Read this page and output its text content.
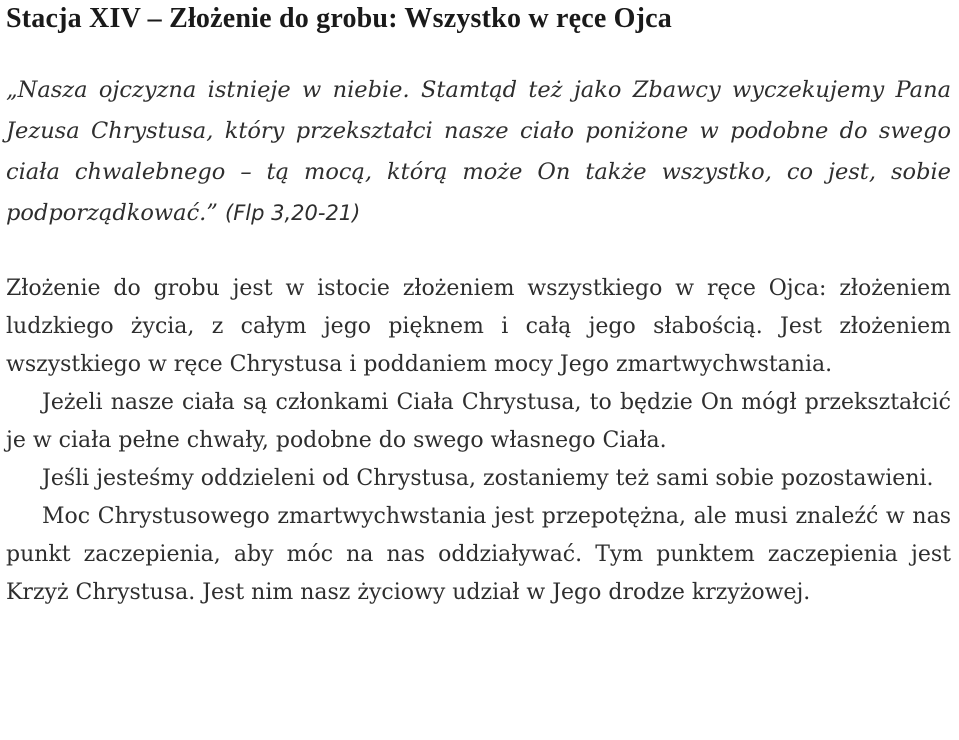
Stacja XIV – Złożenie do grobu: Wszystko w ręce Ojca

„Nasza ojczyzna istnieje w niebie. Stamtąd też jako Zbawcy wyczekujemy Pana Jezusa Chrystusa, który przekształci nasze ciało poniżone w podobne do swego ciała chwalebnego – tą mocą, którą może On także wszystko, co jest, sobie podporządkować.” (Flp 3,20-21)

Złożenie do grobu jest w istocie złożeniem wszystkiego w ręce Ojca: złożeniem ludzkiego życia, z całym jego pięknem i całą jego słabością. Jest złożeniem wszystkiego w ręce Chrystusa i poddaniem mocy Jego zmartwychwstania.

Jeżeli nasze ciała są członkami Ciała Chrystusa, to będzie On mógł przekształcić je w ciała pełne chwały, podobne do swego własnego Ciała.

Jeśli jesteśmy oddzieleni od Chrystusa, zostaniemy też sami sobie pozostawieni.

Moc Chrystusowego zmartwychwstania jest przepotężna, ale musi znaleźć w nas punkt zaczepienia, aby móc na nas oddziaływać. Tym punktem zaczepienia jest Krzyż Chrystusa. Jest nim nasz życiowy udział w Jego drodze krzyżowej.
